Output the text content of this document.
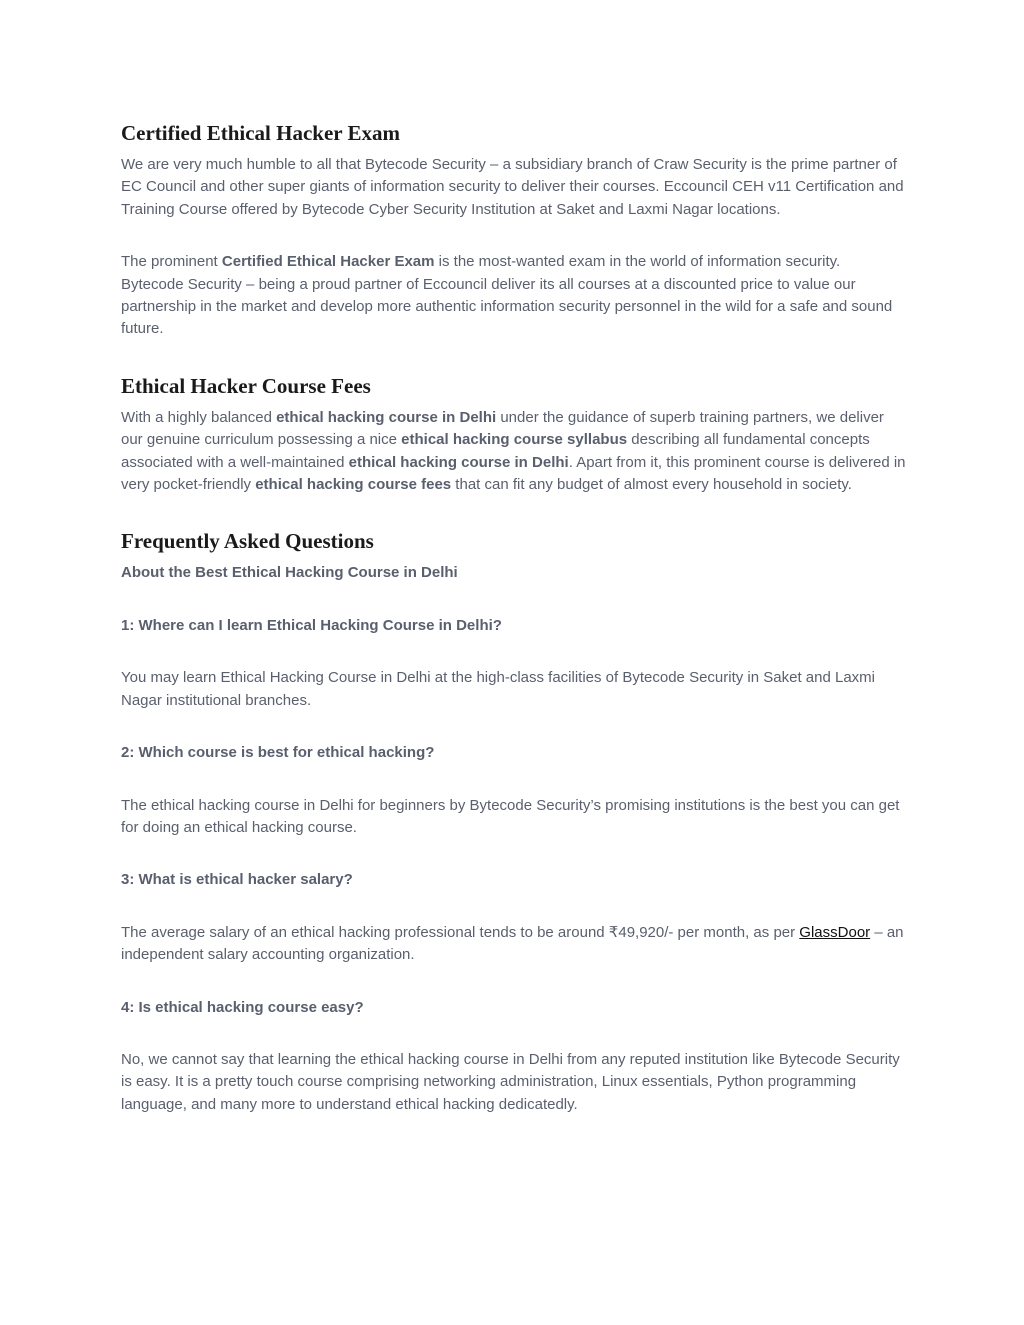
Certified Ethical Hacker Exam

We are very much humble to all that Bytecode Security – a subsidiary branch of Craw Security is the prime partner of EC Council and other super giants of information security to deliver their courses. Eccouncil CEH v11 Certification and Training Course offered by Bytecode Cyber Security Institution at Saket and Laxmi Nagar locations.

The prominent Certified Ethical Hacker Exam is the most-wanted exam in the world of information security. Bytecode Security – being a proud partner of Eccouncil deliver its all courses at a discounted price to value our partnership in the market and develop more authentic information security personnel in the wild for a safe and sound future.

Ethical Hacker Course Fees

With a highly balanced ethical hacking course in Delhi under the guidance of superb training partners, we deliver our genuine curriculum possessing a nice ethical hacking course syllabus describing all fundamental concepts associated with a well-maintained ethical hacking course in Delhi. Apart from it, this prominent course is delivered in very pocket-friendly ethical hacking course fees that can fit any budget of almost every household in society.

Frequently Asked Questions

About the Best Ethical Hacking Course in Delhi

1: Where can I learn Ethical Hacking Course in Delhi?

You may learn Ethical Hacking Course in Delhi at the high-class facilities of Bytecode Security in Saket and Laxmi Nagar institutional branches.

2: Which course is best for ethical hacking?

The ethical hacking course in Delhi for beginners by Bytecode Security’s promising institutions is the best you can get for doing an ethical hacking course.

3: What is ethical hacker salary?

The average salary of an ethical hacking professional tends to be around ₹49,920/- per month, as per GlassDoor – an independent salary accounting organization.

4: Is ethical hacking course easy?

No, we cannot say that learning the ethical hacking course in Delhi from any reputed institution like Bytecode Security is easy. It is a pretty touch course comprising networking administration, Linux essentials, Python programming language, and many more to understand ethical hacking dedicatedly.
